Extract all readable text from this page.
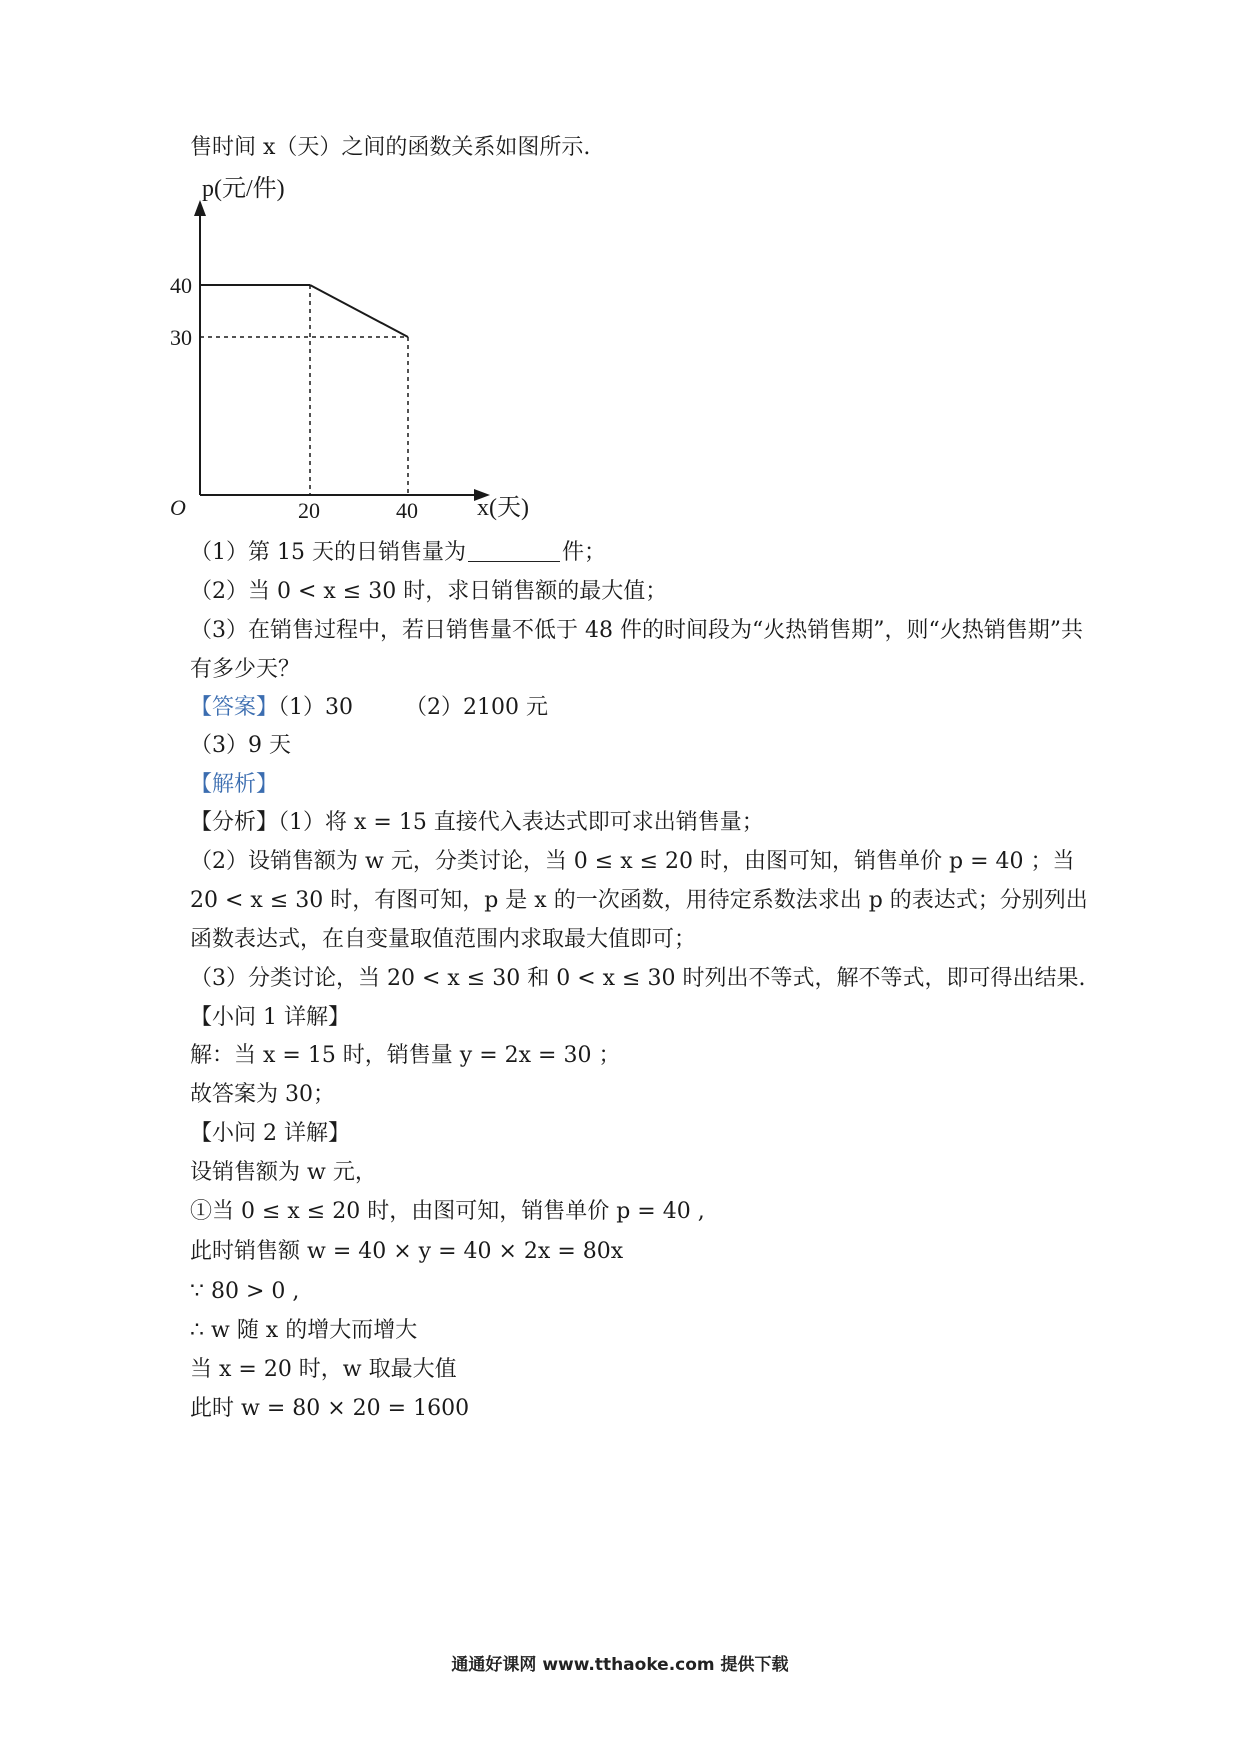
售时间 x（天）之间的函数关系如图所示.
p(元/件)
40
30
O	20	40 x(天)
（1）第 15 天的日销售量为	件；
（2）当 0 < x ≤ 30 时，求日销售额的最大值；
（3）在销售过程中，若日销售量不低于 48 件的时间段为“火热销售期”，则“火热销售期”共
有多少天？
【答案】（1）30 （2）2100 元
（3）9 天
【解析】
【分析】（1）将 x = 15 直接代入表达式即可求出销售量；
（2）设销售额为 w 元，分类讨论，当 0 ≤ x ≤ 20 时，由图可知，销售单价 p = 40 ；当
20 < x ≤ 30 时，有图可知，p 是 x 的一次函数，用待定系数法求出 p 的表达式；分别列出
函数表达式，在自变量取值范围内求取最大值即可；
（3）分类讨论，当 20 < x ≤ 30 和 0 < x ≤ 30 时列出不等式，解不等式，即可得出结果.
【小问 1 详解】
解：当 x = 15 时，销售量 y = 2x = 30 ；
故答案为 30；
【小问 2 详解】
设销售额为 w 元，
①当 0 ≤ x ≤ 20 时，由图可知，销售单价 p = 40 ,
此时销售额 w = 40 × y = 40 × 2x = 80x
∵ 80 > 0 ,
∴ w 随 x 的增大而增大
当 x = 20 时，w 取最大值
此时 w = 80 × 20 = 1600
通通好课网 www.tthaoke.com 提供下载
